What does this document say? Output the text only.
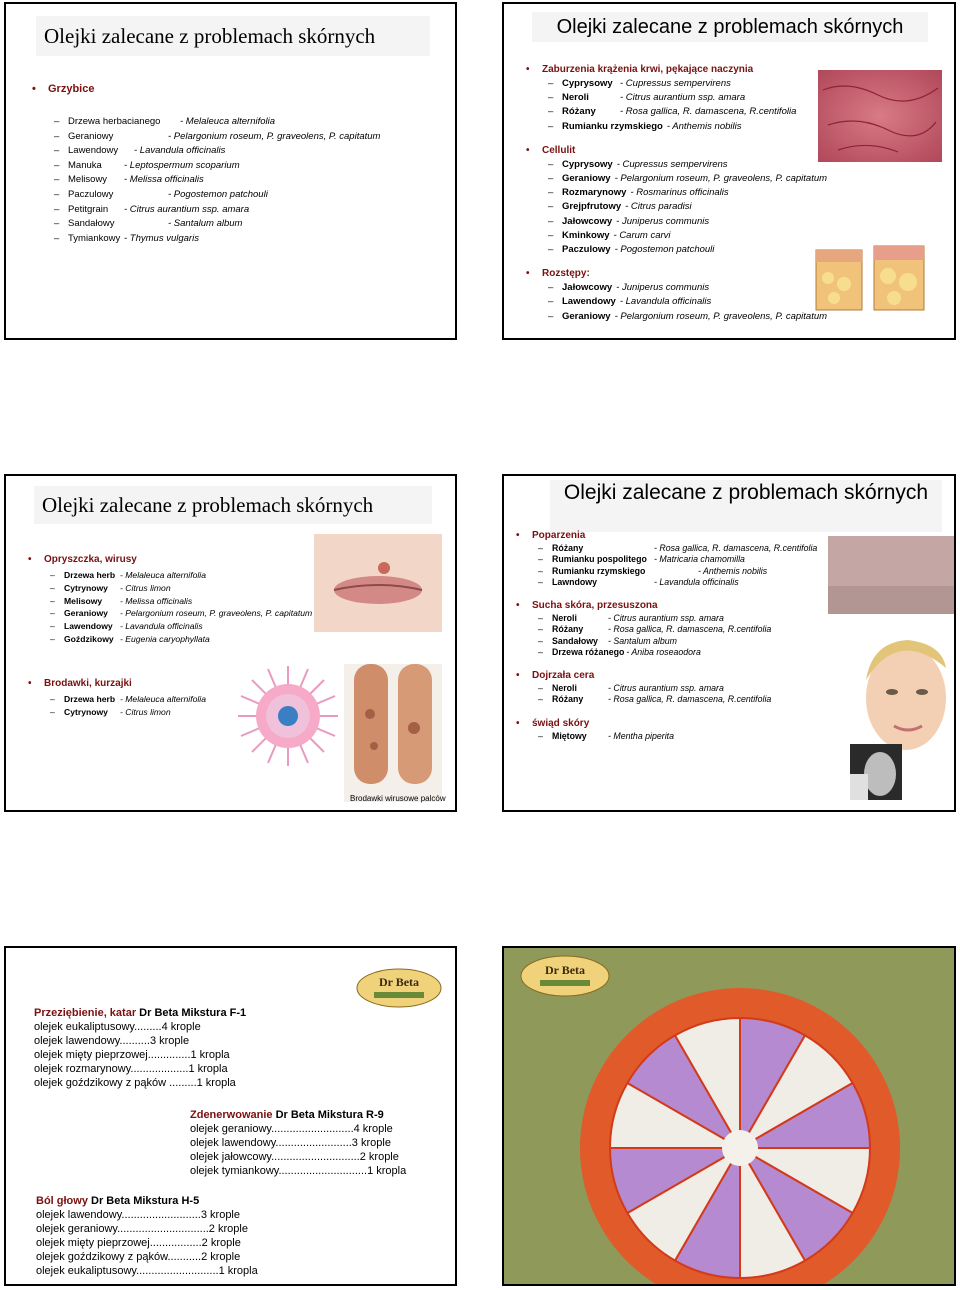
Olejki zalecane z problemach skórnych
• Grzybice
– Drzewa herbacianego - Melaleuca alternifolia
– Geraniowy	- Pelargonium roseum, P. graveolens, P. capitatum
– Lawendowy - Lavandula officinalis
– Manuka - Leptospermum scoparium
– Melisowy - Melissa officinalis
– Paczulowy	- Pogostemon patchouli
– Petitgrain - Citrus aurantium ssp. amara
– Sandałowy	- Santalum album
– Tymiankowy - Thymus vulgaris
Olejki zalecane z problemach skórnych
• Zaburzenia krążenia krwi, pękające naczynia
– Cyprysowy - Cupressus sempervirens
– Neroli	- Citrus aurantium ssp. amara
– Różany	- Rosa gallica, R. damascena, R.centifolia
– Rumianku rzymskiego - Anthemis nobilis
• Cellulit
– Cyprysowy - Cupressus sempervirens
– Geraniowy - Pelargonium roseum, P. graveolens, P. capitatum
– Rozmarynowy - Rosmarinus officinalis
– Grejpfrutowy - Citrus paradisi
– Jałowcowy - Juniperus communis
– Kminkowy - Carum carvi
– Paczulowy - Pogostemon patchouli
• Rozstępy:
– Jałowcowy - Juniperus communis
– Lawendowy - Lavandula officinalis
– Geraniowy - Pelargonium roseum, P. graveolens, P. capitatum
Olejki zalecane z problemach skórnych
• Opryszczka, wirusy
– Drzewa herb - Melaleuca alternifolia
– Cytrynowy - Citrus limon
– Melisowy - Melissa officinalis
– Geraniowy - Pelargonium roseum, P. graveolens, P. capitatum
– Lawendowy - Lavandula officinalis
– Goździkowy - Eugenia caryophyllata
• Brodawki, kurzajki
– Drzewa herb - Melaleuca alternifolia
– Cytrynowy - Citrus limon
Brodawki wirusowe palców
Olejki zalecane z problemach skórnych
• Poparzenia
– Różany	- Rosa gallica, R. damascena, R.centifolia
– Rumianku pospolitego - Matricaria chamomilla
– Rumianku rzymskiego	- Anthemis nobilis
– Lawndowy	- Lavandula officinalis
• Sucha skóra, przesuszona
– Neroli	- Citrus aurantium ssp. amara
– Różany	- Rosa gallica, R. damascena, R.centifolia
– Sandałowy - Santalum album
– Drzewa różanego - Aniba roseaodora
• Dojrzała cera
– Neroli	- Citrus aurantium ssp. amara
– Różany	- Rosa gallica, R. damascena, R.centifolia
• świąd skóry
– Miętowy - Mentha piperita
Dr Beta
Przeziębienie, katar Dr Beta Mikstura F-1
olejek eukaliptusowy.........4 krople
olejek lawendowy..........3 krople
olejek mięty pieprzowej..............1 kropla
olejek rozmarynowy...................1 kropla
olejek goździkowy z pąków .........1 kropla
Zdenerwowanie Dr Beta Mikstura R-9
olejek geraniowy...........................4 krople
olejek lawendowy.........................3 krople
olejek jałowcowy.............................2 krople
olejek tymiankowy.............................1 kropla
Ból głowy Dr Beta Mikstura H-5
olejek lawendowy..........................3 krople
olejek geraniowy..............................2 krople
olejek mięty pieprzowej.................2 krople
olejek goździkowy z pąków...........2 krople
olejek eukaliptusowy...........................1 kropla
Dr Beta
